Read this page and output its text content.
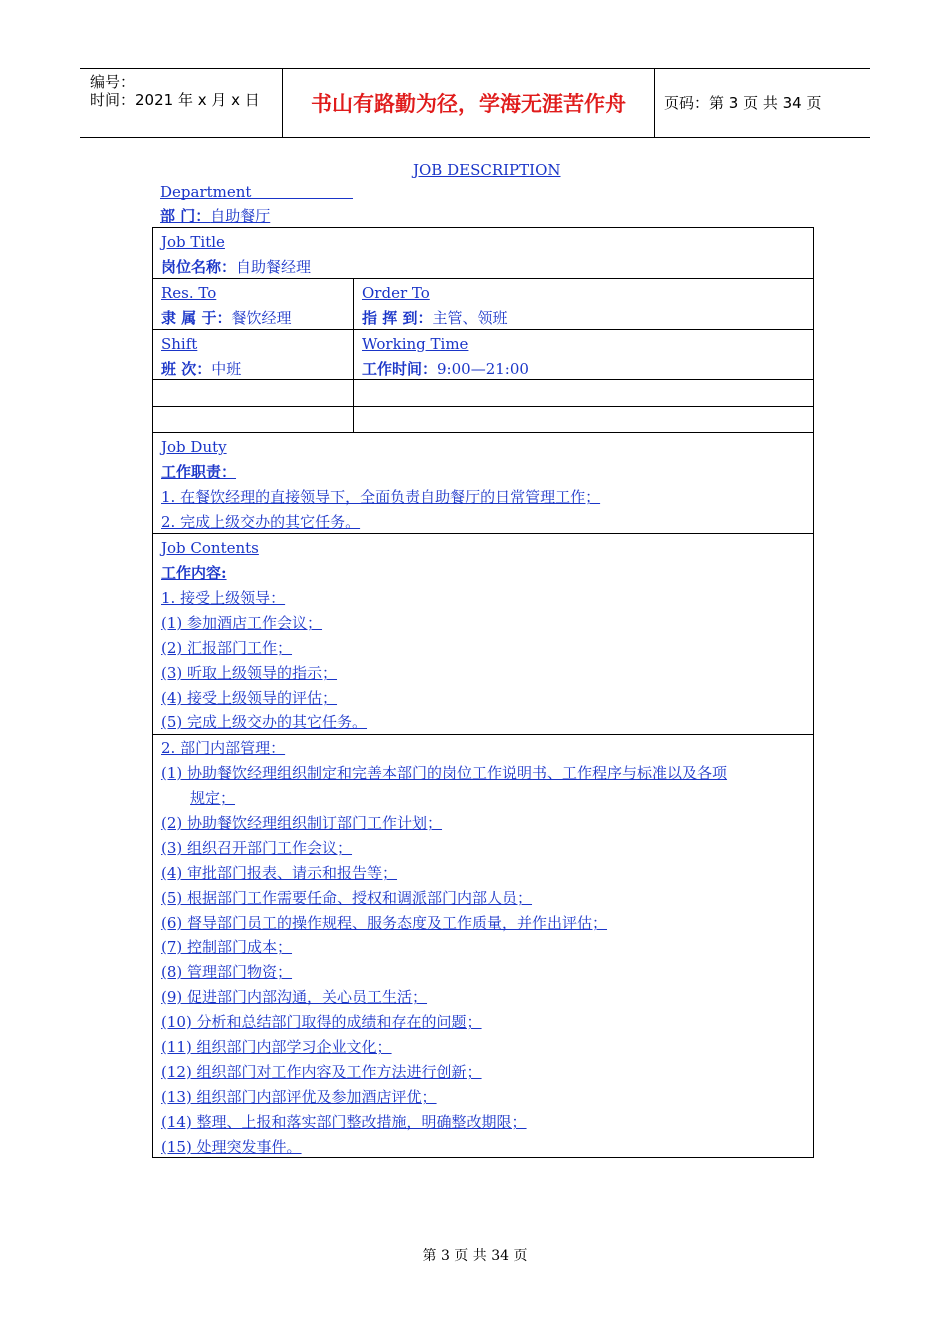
编号：
时间：2021 年 x 月 x 日	书山有路勤为径，学海无涯苦作舟	页码：第 3 页 共 34 页
JOB DESCRIPTION
Department
部 门：自助餐厅
Job Title
岗位名称：自助餐经理
Res. To
隶 属 于：餐饮经理
Order To
指 挥 到：主管、领班
Shift
班 次：中班
Working Time
工作时间：9:00—21:00
Job Duty
工作职责：
1. 在餐饮经理的直接领导下，全面负责自助餐厅的日常管理工作；
2. 完成上级交办的其它任务。
Job Contents
工作内容:
1. 接受上级领导：
(1) 参加酒店工作会议；
(2) 汇报部门工作；
(3) 听取上级领导的指示；
(4) 接受上级领导的评估；
(5) 完成上级交办的其它任务。
2. 部门内部管理：
(1) 协助餐饮经理组织制定和完善本部门的岗位工作说明书、工作程序与标准以及各项
规定；
(2) 协助餐饮经理组织制订部门工作计划；
(3) 组织召开部门工作会议；
(4) 审批部门报表、请示和报告等；
(5) 根据部门工作需要任命、授权和调派部门内部人员；
(6) 督导部门员工的操作规程、服务态度及工作质量，并作出评估；
(7) 控制部门成本；
(8) 管理部门物资；
(9) 促进部门内部沟通，关心员工生活；
(10) 分析和总结部门取得的成绩和存在的问题；
(11) 组织部门内部学习企业文化；
(12) 组织部门对工作内容及工作方法进行创新；
(13) 组织部门内部评优及参加酒店评优；
(14) 整理、上报和落实部门整改措施，明确整改期限；
(15) 处理突发事件。
第 3 页 共 34 页
